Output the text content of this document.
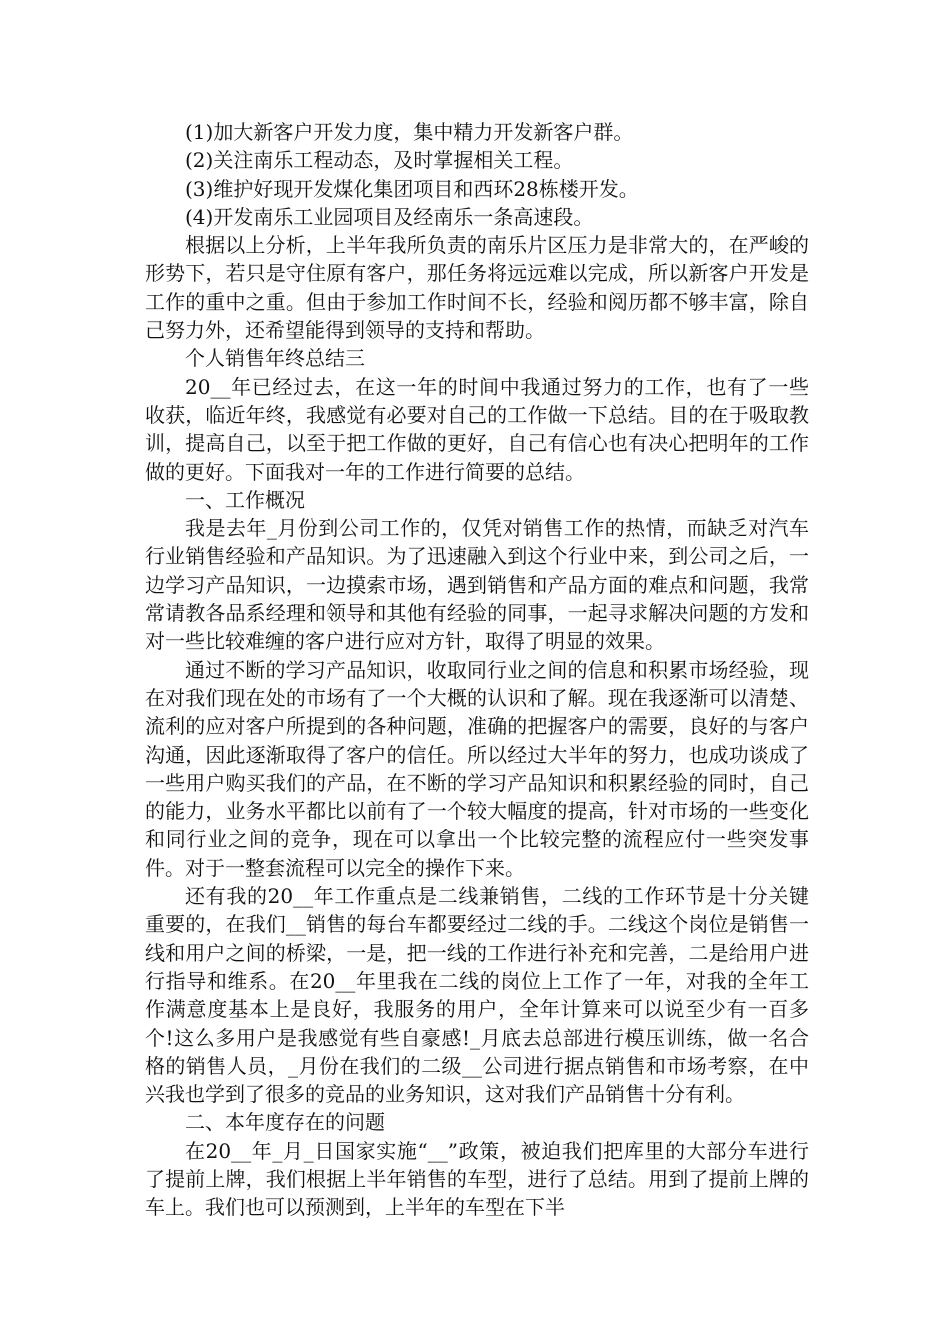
(1)加大新客户开发力度，集中精力开发新客户群。

(2)关注南乐工程动态，及时掌握相关工程。

(3)维护好现开发煤化集团项目和西环28栋楼开发。

(4)开发南乐工业园项目及经南乐一条高速段。

根据以上分析，上半年我所负责的南乐片区压力是非常大的，在严峻的形势下，若只是守住原有客户，那任务将远远难以完成，所以新客户开发是工作的重中之重。但由于参加工作时间不长，经验和阅历都不够丰富，除自己努力外，还希望能得到领导的支持和帮助。

个人销售年终总结三

20__年已经过去，在这一年的时间中我通过努力的工作，也有了一些收获，临近年终，我感觉有必要对自己的工作做一下总结。目的在于吸取教训，提高自己，以至于把工作做的更好，自己有信心也有决心把明年的工作做的更好。下面我对一年的工作进行简要的总结。

一、工作概况

我是去年_月份到公司工作的，仅凭对销售工作的热情，而缺乏对汽车行业销售经验和产品知识。为了迅速融入到这个行业中来，到公司之后，一边学习产品知识，一边摸索市场，遇到销售和产品方面的难点和问题，我常常请教各品系经理和领导和其他有经验的同事，一起寻求解决问题的方发和对一些比较难缠的客户进行应对方针，取得了明显的效果。

通过不断的学习产品知识，收取同行业之间的信息和积累市场经验，现在对我们现在处的市场有了一个大概的认识和了解。现在我逐渐可以清楚、流利的应对客户所提到的各种问题，准确的把握客户的需要，良好的与客户沟通，因此逐渐取得了客户的信任。所以经过大半年的努力，也成功谈成了一些用户购买我们的产品，在不断的学习产品知识和积累经验的同时，自己的能力，业务水平都比以前有了一个较大幅度的提高，针对市场的一些变化和同行业之间的竞争，现在可以拿出一个比较完整的流程应付一些突发事件。对于一整套流程可以完全的操作下来。

还有我的20__年工作重点是二线兼销售，二线的工作环节是十分关键重要的，在我们__销售的每台车都要经过二线的手。二线这个岗位是销售一线和用户之间的桥梁，一是，把一线的工作进行补充和完善，二是给用户进行指导和维系。在20__年里我在二线的岗位上工作了一年，对我的全年工作满意度基本上是良好，我服务的用户，全年计算来可以说至少有一百多个!这么多用户是我感觉有些自豪感!_月底去总部进行模压训练，做一名合格的销售人员，_月份在我们的二级__公司进行据点销售和市场考察，在中兴我也学到了很多的竞品的业务知识，这对我们产品销售十分有利。

二、本年度存在的问题

在20__年_月_日国家实施“__”政策，被迫我们把库里的大部分车进行了提前上牌，我们根据上半年销售的车型，进行了总结。用到了提前上牌的车上。我们也可以预测到，上半年的车型在下半
